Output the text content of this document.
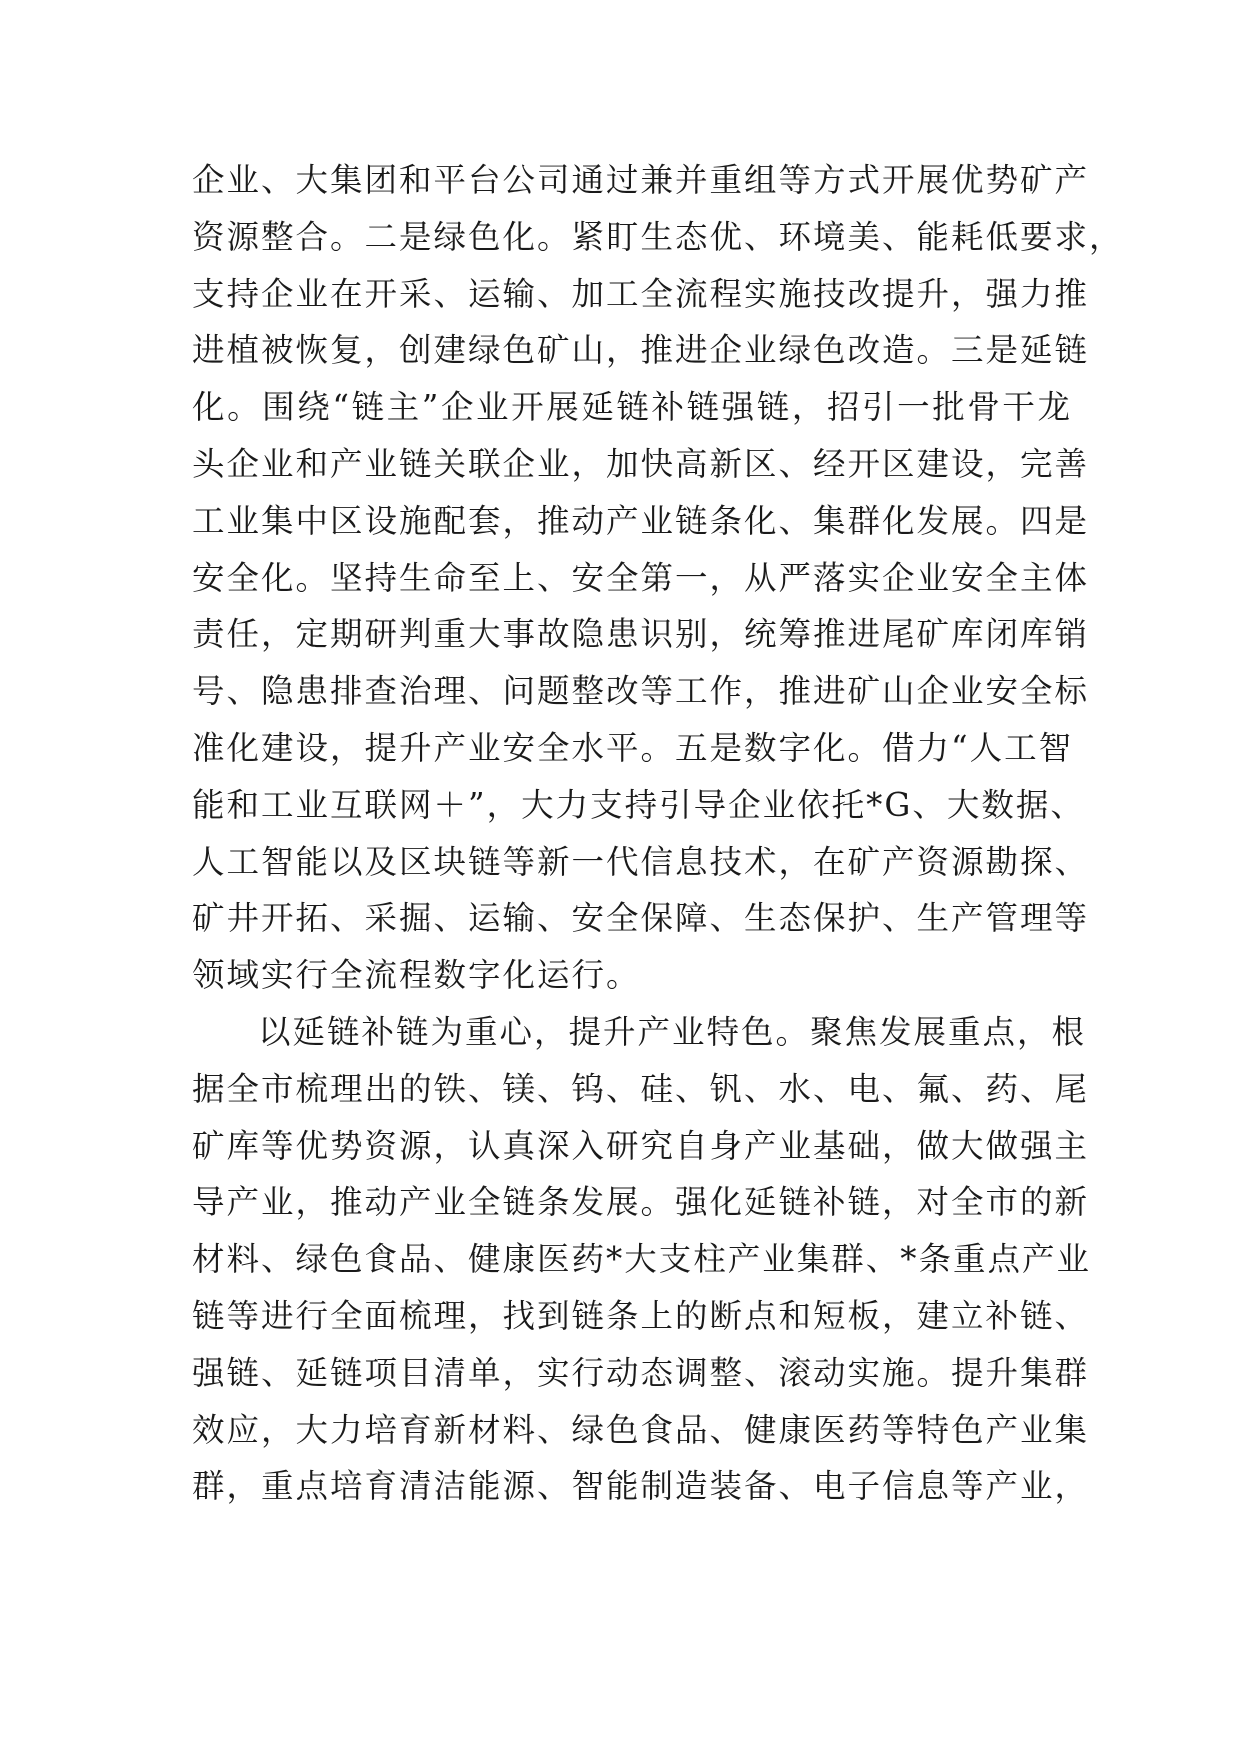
企业、大集团和平台公司通过兼并重组等方式开展优势矿产
资源整合。二是绿色化。紧盯生态优、环境美、能耗低要求，
支持企业在开采、运输、加工全流程实施技改提升，强力推
进植被恢复，创建绿色矿山，推进企业绿色改造。三是延链
化。围绕“链主”企业开展延链补链强链，招引一批骨干龙
头企业和产业链关联企业，加快高新区、经开区建设，完善
工业集中区设施配套，推动产业链条化、集群化发展。四是
安全化。坚持生命至上、安全第一，从严落实企业安全主体
责任，定期研判重大事故隐患识别，统筹推进尾矿库闭库销
号、隐患排查治理、问题整改等工作，推进矿山企业安全标
准化建设，提升产业安全水平。五是数字化。借力“人工智
能和工业互联网＋”，大力支持引导企业依托*G、大数据、
人工智能以及区块链等新一代信息技术，在矿产资源勘探、
矿井开拓、采掘、运输、安全保障、生态保护、生产管理等
领域实行全流程数字化运行。
以延链补链为重心，提升产业特色。聚焦发展重点，根
据全市梳理出的铁、镁、钨、硅、钒、水、电、氟、药、尾
矿库等优势资源，认真深入研究自身产业基础，做大做强主
导产业，推动产业全链条发展。强化延链补链，对全市的新
材料、绿色食品、健康医药*大支柱产业集群、*条重点产业
链等进行全面梳理，找到链条上的断点和短板，建立补链、
强链、延链项目清单，实行动态调整、滚动实施。提升集群
效应，大力培育新材料、绿色食品、健康医药等特色产业集
群，重点培育清洁能源、智能制造装备、电子信息等产业，
